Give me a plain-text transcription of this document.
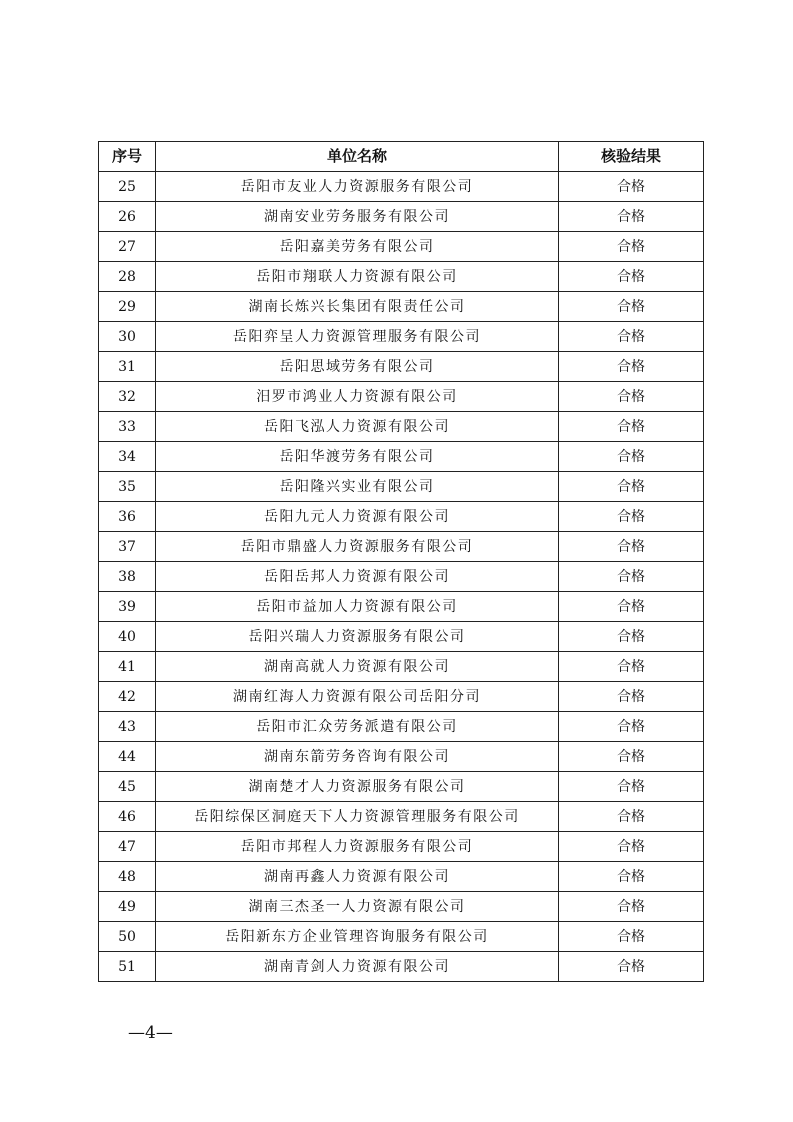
序号	单位名称	核验结果
25	岳阳市友业人力资源服务有限公司	合格
26	湖南安业劳务服务有限公司	合格
27	岳阳嘉美劳务有限公司	合格
28	岳阳市翔联人力资源有限公司	合格
29	湖南长炼兴长集团有限责任公司	合格
30	岳阳弈呈人力资源管理服务有限公司	合格
31	岳阳思域劳务有限公司	合格
32	汨罗市鸿业人力资源有限公司	合格
33	岳阳飞泓人力资源有限公司	合格
34	岳阳华渡劳务有限公司	合格
35	岳阳隆兴实业有限公司	合格
36	岳阳九元人力资源有限公司	合格
37	岳阳市鼎盛人力资源服务有限公司	合格
38	岳阳岳邦人力资源有限公司	合格
39	岳阳市益加人力资源有限公司	合格
40	岳阳兴瑞人力资源服务有限公司	合格
41	湖南高就人力资源有限公司	合格
42	湖南红海人力资源有限公司岳阳分司	合格
43	岳阳市汇众劳务派遣有限公司	合格
44	湖南东箭劳务咨询有限公司	合格
45	湖南楚才人力资源服务有限公司	合格
46	岳阳综保区洞庭天下人力资源管理服务有限公司	合格
47	岳阳市邦程人力资源服务有限公司	合格
48	湖南再鑫人力资源有限公司	合格
49	湖南三杰圣一人力资源有限公司	合格
50	岳阳新东方企业管理咨询服务有限公司	合格
51	湖南青剑人力资源有限公司	合格
—4—
